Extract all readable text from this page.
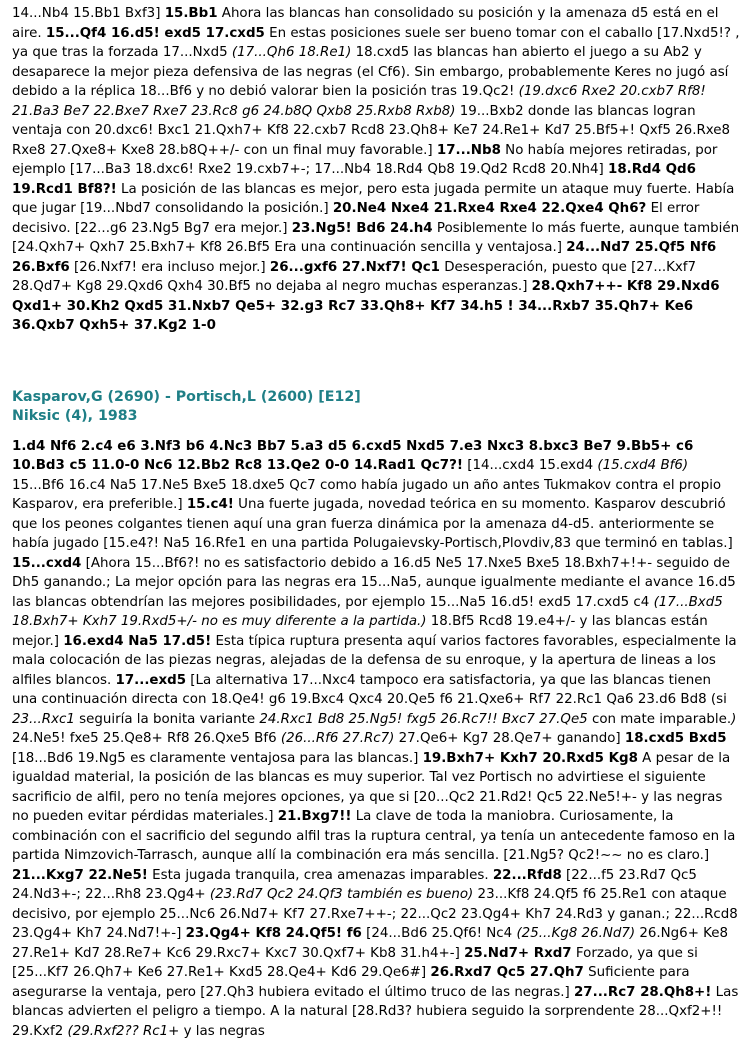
14...Nb4 15.Bb1 Bxf3] 15.Bb1 Ahora las blancas han consolidado su posición y la amenaza d5 está en el aire. 15...Qf4 16.d5! exd5 17.cxd5 En estas posiciones suele ser bueno tomar con el caballo [17.Nxd5!? , ya que tras la forzada 17...Nxd5 (17...Qh6 18.Re1) 18.cxd5 las blancas han abierto el juego a su Ab2 y desaparece la mejor pieza defensiva de las negras (el Cf6). Sin embargo, probablemente Keres no jugó así debido a la réplica 18...Bf6 y no debió valorar bien la posición tras 19.Qc2! (19.dxc6 Rxe2 20.cxb7 Rf8! 21.Ba3 Be7 22.Bxe7 Rxe7 23.Rc8 g6 24.b8Q Qxb8 25.Rxb8 Rxb8) 19...Bxb2 donde las blancas logran ventaja con 20.dxc6! Bxc1 21.Qxh7+ Kf8 22.cxb7 Rcd8 23.Qh8+ Ke7 24.Re1+ Kd7 25.Bf5+! Qxf5 26.Rxe8 Rxe8 27.Qxe8+ Kxe8 28.b8Q++/- con un final muy favorable.] 17...Nb8 No había mejores retiradas, por ejemplo [17...Ba3 18.dxc6! Rxe2 19.cxb7+-; 17...Nb4 18.Rd4 Qb8 19.Qd2 Rcd8 20.Nh4] 18.Rd4 Qd6 19.Rcd1 Bf8?! La posición de las blancas es mejor, pero esta jugada permite un ataque muy fuerte. Había que jugar [19...Nbd7 consolidando la posición.] 20.Ne4 Nxe4 21.Rxe4 Rxe4 22.Qxe4 Qh6? El error decisivo. [22...g6 23.Ng5 Bg7 era mejor.] 23.Ng5! Bd6 24.h4 Posiblemente lo más fuerte, aunque también [24.Qxh7+ Qxh7 25.Bxh7+ Kf8 26.Bf5 Era una continuación sencilla y ventajosa.] 24...Nd7 25.Qf5 Nf6 26.Bxf6 [26.Nxf7! era incluso mejor.] 26...gxf6 27.Nxf7! Qc1 Desesperación, puesto que [27...Kxf7 28.Qd7+ Kg8 29.Qxd6 Qxh4 30.Bf5 no dejaba al negro muchas esperanzas.] 28.Qxh7++- Kf8 29.Nxd6 Qxd1+ 30.Kh2 Qxd5 31.Nxb7 Qe5+ 32.g3 Rc7 33.Qh8+ Kf7 34.h5 ! 34...Rxb7 35.Qh7+ Ke6 36.Qxb7 Qxh5+ 37.Kg2 1-0

Kasparov,G (2690) - Portisch,L (2600) [E12]
Niksic (4), 1983

1.d4 Nf6 2.c4 e6 3.Nf3 b6 4.Nc3 Bb7 5.a3 d5 6.cxd5 Nxd5 7.e3 Nxc3 8.bxc3 Be7 9.Bb5+ c6 10.Bd3 c5 11.0-0 Nc6 12.Bb2 Rc8 13.Qe2 0-0 14.Rad1 Qc7?! [14...cxd4 15.exd4 (15.cxd4 Bf6) 15...Bf6 16.c4 Na5 17.Ne5 Bxe5 18.dxe5 Qc7 como había jugado un año antes Tukmakov contra el propio Kasparov, era preferible.] 15.c4! Una fuerte jugada, novedad teórica en su momento. Kasparov descubrió que los peones colgantes tienen aquí una gran fuerza dinámica por la amenaza d4-d5. anteriormente se había jugado [15.e4?! Na5 16.Rfe1 en una partida Polugaievsky-Portisch,Plovdiv,83 que terminó en tablas.] 15...cxd4 [Ahora 15...Bf6?! no es satisfactorio debido a 16.d5 Ne5 17.Nxe5 Bxe5 18.Bxh7+!+- seguido de Dh5 ganando.; La mejor opción para las negras era 15...Na5, aunque igualmente mediante el avance 16.d5 las blancas obtendrían las mejores posibilidades, por ejemplo 15...Na5 16.d5! exd5 17.cxd5 c4 (17...Bxd5 18.Bxh7+ Kxh7 19.Rxd5+/- no es muy diferente a la partida.) 18.Bf5 Rcd8 19.e4+/- y las blancas están mejor.] 16.exd4 Na5 17.d5! Esta típica ruptura presenta aquí varios factores favorables, especialmente la mala colocación de las piezas negras, alejadas de la defensa de su enroque, y la apertura de lineas a los alfiles blancos. 17...exd5 [La alternativa 17...Nxc4 tampoco era satisfactoria, ya que las blancas tienen una continuación directa con 18.Qe4! g6 19.Bxc4 Qxc4 20.Qe5 f6 21.Qxe6+ Rf7 22.Rc1 Qa6 23.d6 Bd8 (si 23...Rxc1 seguiría la bonita variante 24.Rxc1 Bd8 25.Ng5! fxg5 26.Rc7!! Bxc7 27.Qe5 con mate imparable.) 24.Ne5! fxe5 25.Qe8+ Rf8 26.Qxe5 Bf6 (26...Rf6 27.Rc7) 27.Qe6+ Kg7 28.Qe7+ ganando] 18.cxd5 Bxd5 [18...Bd6 19.Ng5 es claramente ventajosa para las blancas.] 19.Bxh7+ Kxh7 20.Rxd5 Kg8 A pesar de la igualdad material, la posición de las blancas es muy superior. Tal vez Portisch no advirtiese el siguiente sacrificio de alfil, pero no tenía mejores opciones, ya que si [20...Qc2 21.Rd2! Qc5 22.Ne5!+- y las negras no pueden evitar pérdidas materiales.] 21.Bxg7!! La clave de toda la maniobra. Curiosamente, la combinación con el sacrificio del segundo alfil tras la ruptura central, ya tenía un antecedente famoso en la partida Nimzovich-Tarrasch, aunque allí la combinación era más sencilla. [21.Ng5? Qc2!~~ no es claro.] 21...Kxg7 22.Ne5! Esta jugada tranquila, crea amenazas imparables. 22...Rfd8 [22...f5 23.Rd7 Qc5 24.Nd3+-; 22...Rh8 23.Qg4+ (23.Rd7 Qc2 24.Qf3 también es bueno) 23...Kf8 24.Qf5 f6 25.Re1 con ataque decisivo, por ejemplo 25...Nc6 26.Nd7+ Kf7 27.Rxe7++-; 22...Qc2 23.Qg4+ Kh7 24.Rd3 y ganan.; 22...Rcd8 23.Qg4+ Kh7 24.Nd7!+-] 23.Qg4+ Kf8 24.Qf5! f6 [24...Bd6 25.Qf6! Nc4 (25...Kg8 26.Nd7) 26.Ng6+ Ke8 27.Re1+ Kd7 28.Re7+ Kc6 29.Rxc7+ Kxc7 30.Qxf7+ Kb8 31.h4+-] 25.Nd7+ Rxd7 Forzado, ya que si [25...Kf7 26.Qh7+ Ke6 27.Re1+ Kxd5 28.Qe4+ Kd6 29.Qe6#] 26.Rxd7 Qc5 27.Qh7 Suficiente para asegurarse la ventaja, pero [27.Qh3 hubiera evitado el último truco de las negras.] 27...Rc7 28.Qh8+! Las blancas advierten el peligro a tiempo. A la natural [28.Rd3? hubiera seguido la sorprendente 28...Qxf2+!! 29.Kxf2 (29.Rxf2?? Rc1+ y las negras
